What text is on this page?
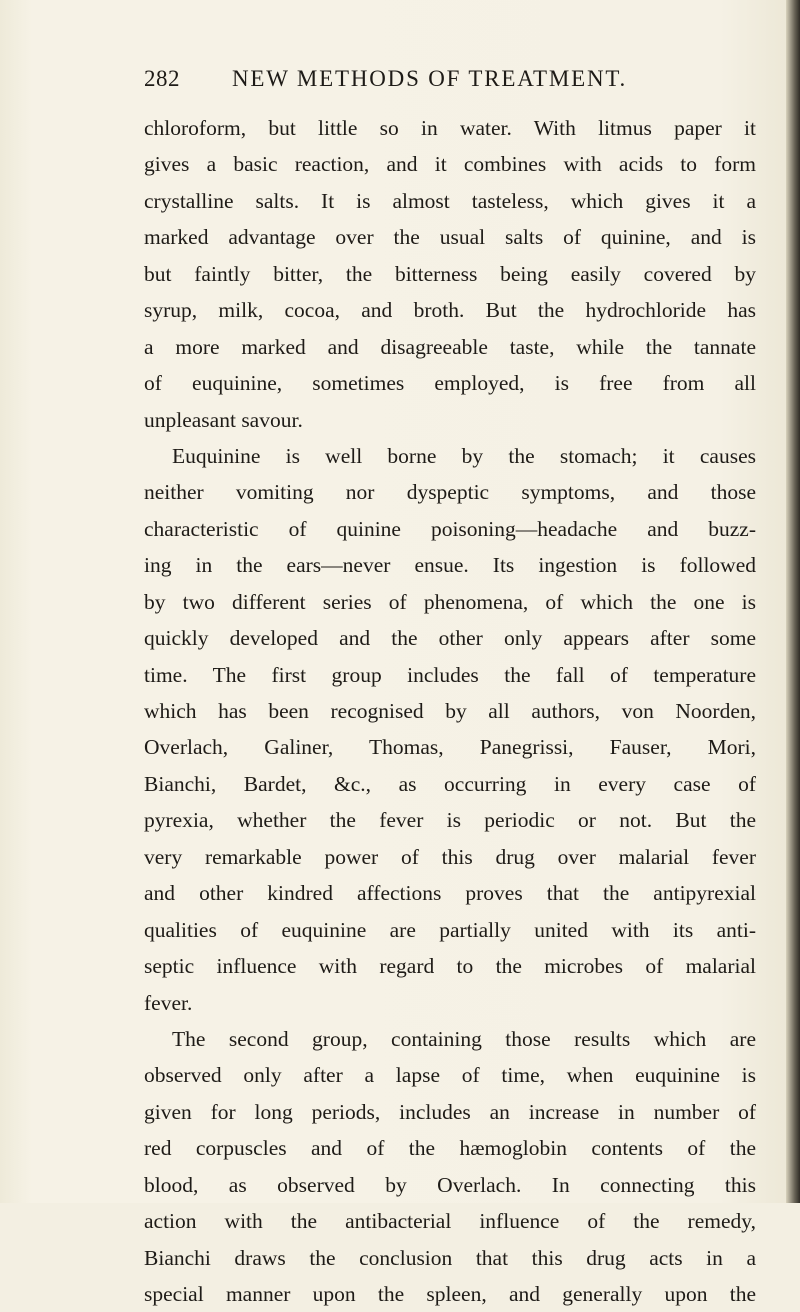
282 NEW METHODS OF TREATMENT.
chloroform, but little so in water. With litmus paper it
gives a basic reaction, and it combines with acids to form
crystalline salts. It is almost tasteless, which gives it a
marked advantage over the usual salts of quinine, and is
but faintly bitter, the bitterness being easily covered by
syrup, milk, cocoa, and broth. But the hydrochloride has
a more marked and disagreeable taste, while the tannate
of euquinine, sometimes employed, is free from all
unpleasant savour.
Euquinine is well borne by the stomach; it causes
neither vomiting nor dyspeptic symptoms, and those
characteristic of quinine poisoning—headache and buzz-
ing in the ears—never ensue. Its ingestion is followed
by two different series of phenomena, of which the one is
quickly developed and the other only appears after some
time. The first group includes the fall of temperature
which has been recognised by all authors, von Noorden,
Overlach, Galiner, Thomas, Panegrissi, Fauser, Mori,
Bianchi, Bardet, &c., as occurring in every case of
pyrexia, whether the fever is periodic or not. But the
very remarkable power of this drug over malarial fever
and other kindred affections proves that the antipyrexial
qualities of euquinine are partially united with its anti-
septic influence with regard to the microbes of malarial
fever.
The second group, containing those results which are
observed only after a lapse of time, when euquinine is
given for long periods, includes an increase in number of
red corpuscles and of the hæmoglobin contents of the
blood, as observed by Overlach. In connecting this
action with the antibacterial influence of the remedy,
Bianchi draws the conclusion that this drug acts in a
special manner upon the spleen, and generally upon the
